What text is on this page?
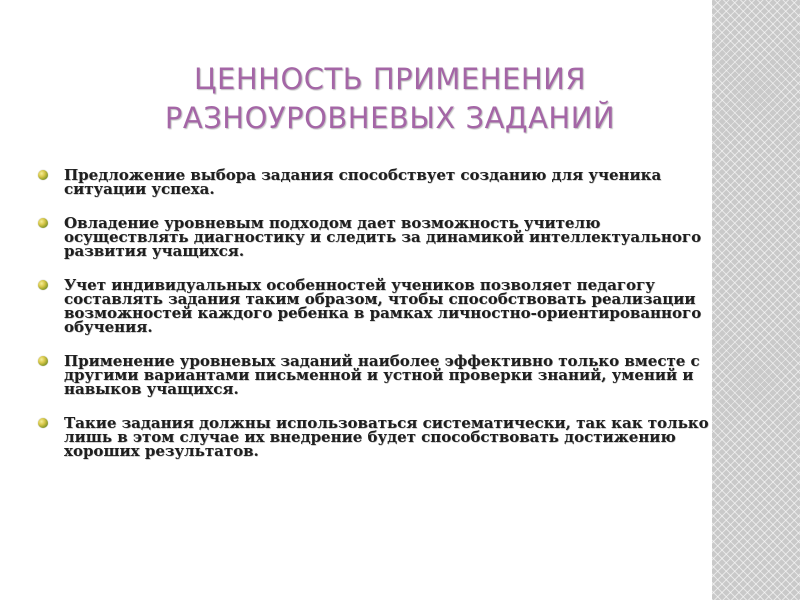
ЦЕННОСТЬ ПРИМЕНЕНИЯ
РАЗНОУРОВНЕВЫХ ЗАДАНИЙ
Предложение выбора задания способствует созданию для ученика ситуации успеха.
Овладение уровневым подходом дает возможность учителю осуществлять диагностику и следить за динамикой интеллектуального развития учащихся.
Учет индивидуальных особенностей учеников позволяет педагогу составлять задания таким образом, чтобы способствовать реализации возможностей каждого ребенка в рамках личностно-ориентированного обучения.
Применение уровневых заданий наиболее эффективно только вместе с другими вариантами письменной и устной проверки знаний, умений и навыков учащихся.
Такие задания должны использоваться систематически, так как только лишь в этом случае их внедрение будет способствовать достижению хороших результатов.
